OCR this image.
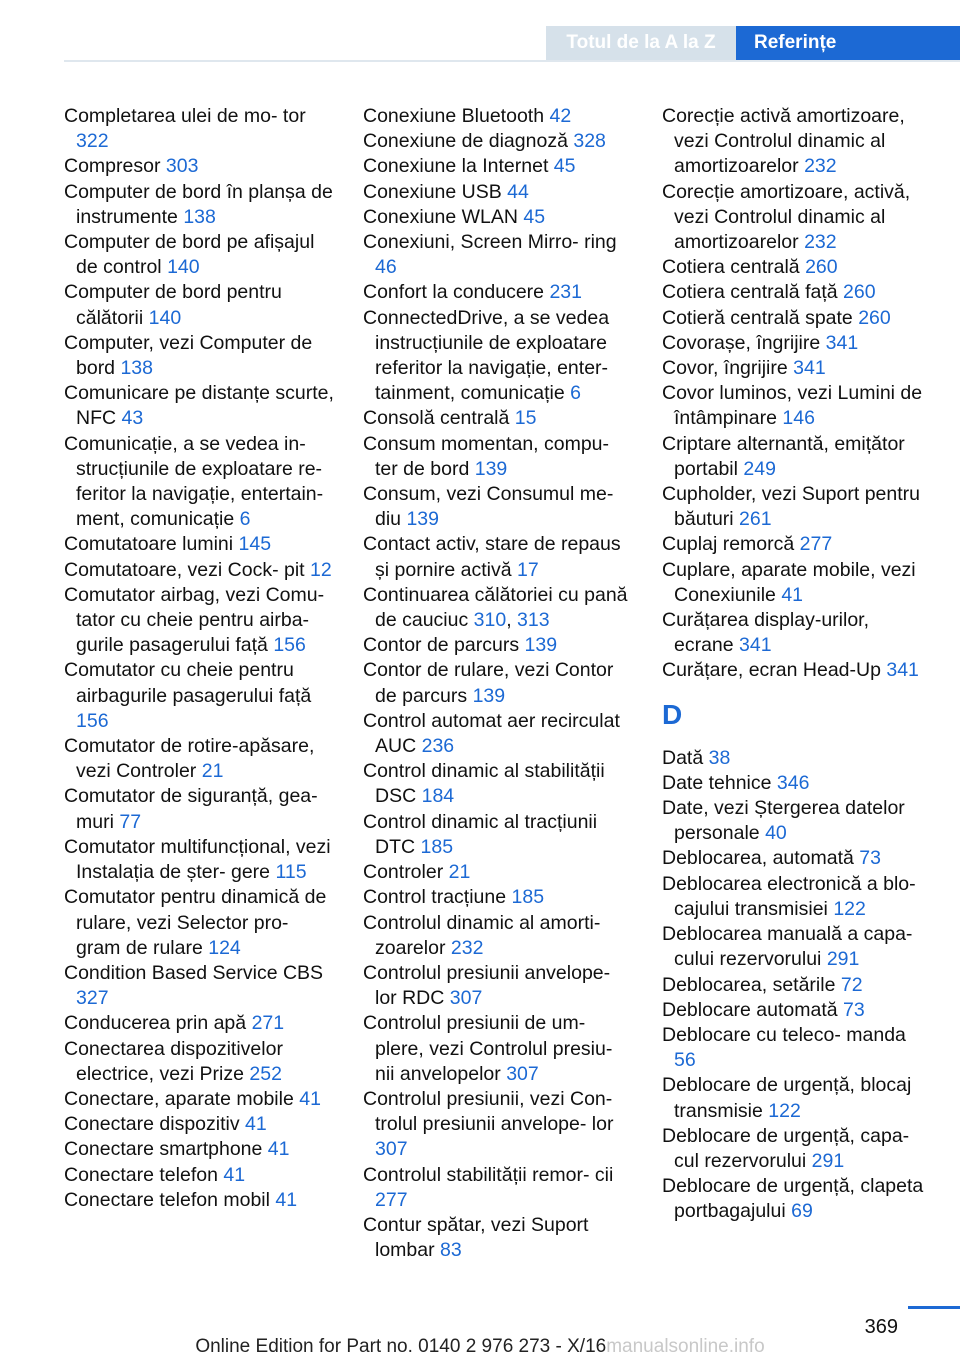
Totul de la A la Z	Referințe
Completarea ulei de mo- tor 322
Compresor 303
Computer de bord în planșa de instrumente 138
Computer de bord pe afișajul de control 140
Computer de bord pentru călătorii 140
Computer, vezi Computer de bord 138
Comunicare pe distanțe scurte, NFC 43
Comunicație, a se vedea in- strucțiunile de exploatare re- feritor la navigație, entertain- ment, comunicație 6
Comutatoare lumini 145
Comutatoare, vezi Cock- pit 12
Comutator airbag, vezi Comu- tator cu cheie pentru airba- gurile pasagerului față 156
Comutator cu cheie pentru airbagurile pasagerului față 156
Comutator de rotire-apăsare, vezi Controler 21
Comutator de siguranță, gea- muri 77
Comutator multifuncțional, vezi Instalația de șter- gere 115
Comutator pentru dinamică de rulare, vezi Selector pro- gram de rulare 124
Condition Based Service CBS 327
Conducerea prin apă 271
Conectarea dispozitivelor electrice, vezi Prize 252
Conectare, aparate mobile 41
Conectare dispozitiv 41
Conectare smartphone 41
Conectare telefon 41
Conectare telefon mobil 41
Conexiune Bluetooth 42
Conexiune de diagnoză 328
Conexiune la Internet 45
Conexiune USB 44
Conexiune WLAN 45
Conexiuni, Screen Mirro- ring 46
Confort la conducere 231
ConnectedDrive, a se vedea instrucțiunile de exploatare referitor la navigație, enter- tainment, comunicație 6
Consolă centrală 15
Consum momentan, compu- ter de bord 139
Consum, vezi Consumul me- diu 139
Contact activ, stare de repaus și pornire activă 17
Continuarea călătoriei cu pană de cauciuc 310, 313
Contor de parcurs 139
Contor de rulare, vezi Contor de parcurs 139
Control automat aer recirculat AUC 236
Control dinamic al stabilității DSC 184
Control dinamic al tracțiunii DTC 185
Controler 21
Control tracțiune 185
Controlul dinamic al amorti- zoarelor 232
Controlul presiunii anvelope- lor RDC 307
Controlul presiunii de um- plere, vezi Controlul presiu- nii anvelopelor 307
Controlul presiunii, vezi Con- trolul presiunii anvelope- lor 307
Controlul stabilității remor- cii 277
Contur spătar, vezi Suport lombar 83
Corecție activă amortizoare, vezi Controlul dinamic al amortizoarelor 232
Corecție amortizoare, activă, vezi Controlul dinamic al amortizoarelor 232
Cotiera centrală 260
Cotiera centrală față 260
Cotieră centrală spate 260
Covorașe, îngrijire 341
Covor, îngrijire 341
Covor luminos, vezi Lumini de întâmpinare 146
Criptare alternantă, emițător portabil 249
Cupholder, vezi Suport pentru băuturi 261
Cuplaj remorcă 277
Cuplare, aparate mobile, vezi Conexiunile 41
Curățarea display-urilor, ecrane 341
Curățare, ecran Head-Up 341
D
Dată 38
Date tehnice 346
Date, vezi Ștergerea datelor personale 40
Deblocarea, automată 73
Deblocarea electronică a blo- cajului transmisiei 122
Deblocarea manuală a capa- cului rezervorului 291
Deblocarea, setările 72
Deblocare automată 73
Deblocare cu teleco- manda 56
Deblocare de urgență, blocaj transmisie 122
Deblocare de urgență, capa- cul rezervorului 291
Deblocare de urgență, clapeta portbagajului 69
369
Online Edition for Part no. 0140 2 976 273 - X/16manualsonline.info
